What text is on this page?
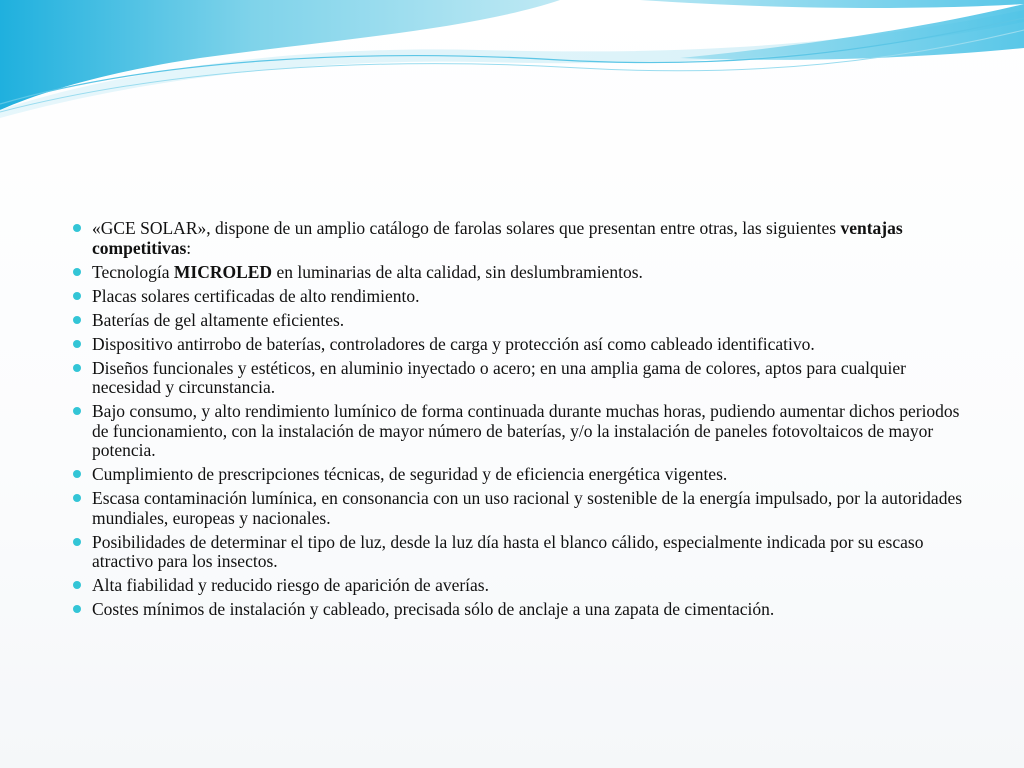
«GCE SOLAR», dispone de un amplio catálogo de farolas solares que presentan entre otras, las siguientes ventajas competitivas:
Tecnología MICROLED en luminarias de alta calidad, sin deslumbramientos.
Placas solares certificadas de alto rendimiento.
Baterías de gel altamente eficientes.
Dispositivo antirrobo de baterías, controladores de carga y protección así como cableado identificativo.
Diseños funcionales y estéticos, en aluminio inyectado o acero; en una amplia gama de colores, aptos para cualquier necesidad y circunstancia.
Bajo consumo, y alto rendimiento lumínico de forma continuada durante muchas horas, pudiendo aumentar dichos periodos de funcionamiento, con la instalación de mayor número de baterías, y/o la instalación de paneles fotovoltaicos de mayor potencia.
Cumplimiento de prescripciones técnicas, de seguridad y de eficiencia energética vigentes.
Escasa contaminación lumínica, en consonancia con un uso racional y sostenible de la energía impulsado, por la autoridades mundiales, europeas y nacionales.
Posibilidades de determinar el tipo de luz, desde la luz día hasta el blanco cálido, especialmente indicada por su escaso atractivo para los insectos.
Alta fiabilidad y reducido riesgo de aparición de averías.
Costes mínimos de instalación y cableado, precisada sólo de anclaje a una zapata de cimentación.
